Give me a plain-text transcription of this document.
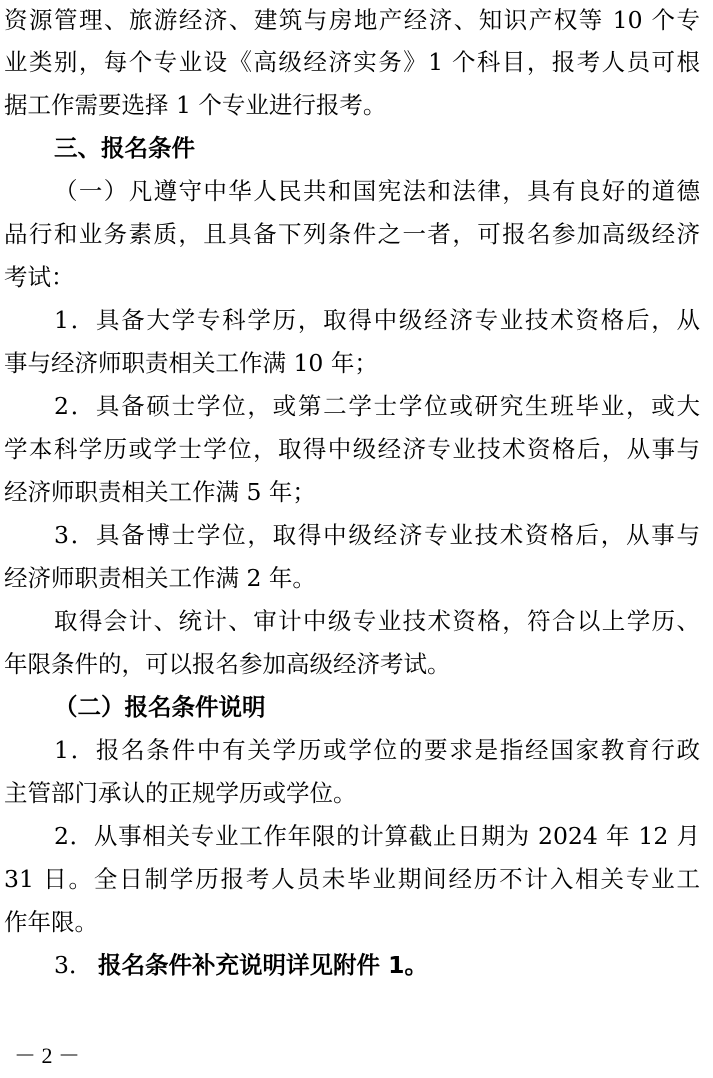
资源管理、旅游经济、建筑与房地产经济、知识产权等 10 个专
业类别，每个专业设《高级经济实务》1 个科目，报考人员可根
据工作需要选择 1 个专业进行报考。
三、报名条件
（一）凡遵守中华人民共和国宪法和法律，具有良好的道德
品行和业务素质，且具备下列条件之一者，可报名参加高级经济
考试：
1．具备大学专科学历，取得中级经济专业技术资格后，从
事与经济师职责相关工作满 10 年；
2．具备硕士学位，或第二学士学位或研究生班毕业，或大
学本科学历或学士学位，取得中级经济专业技术资格后，从事与
经济师职责相关工作满 5 年；
3．具备博士学位，取得中级经济专业技术资格后，从事与
经济师职责相关工作满 2 年。
取得会计、统计、审计中级专业技术资格，符合以上学历、
年限条件的，可以报名参加高级经济考试。
（二）报名条件说明
1．报名条件中有关学历或学位的要求是指经国家教育行政
主管部门承认的正规学历或学位。
2．从事相关专业工作年限的计算截止日期为 2024 年 12 月
31 日。全日制学历报考人员未毕业期间经历不计入相关专业工
作年限。
3． 报名条件补充说明详见附件 1。
－ 2 －
